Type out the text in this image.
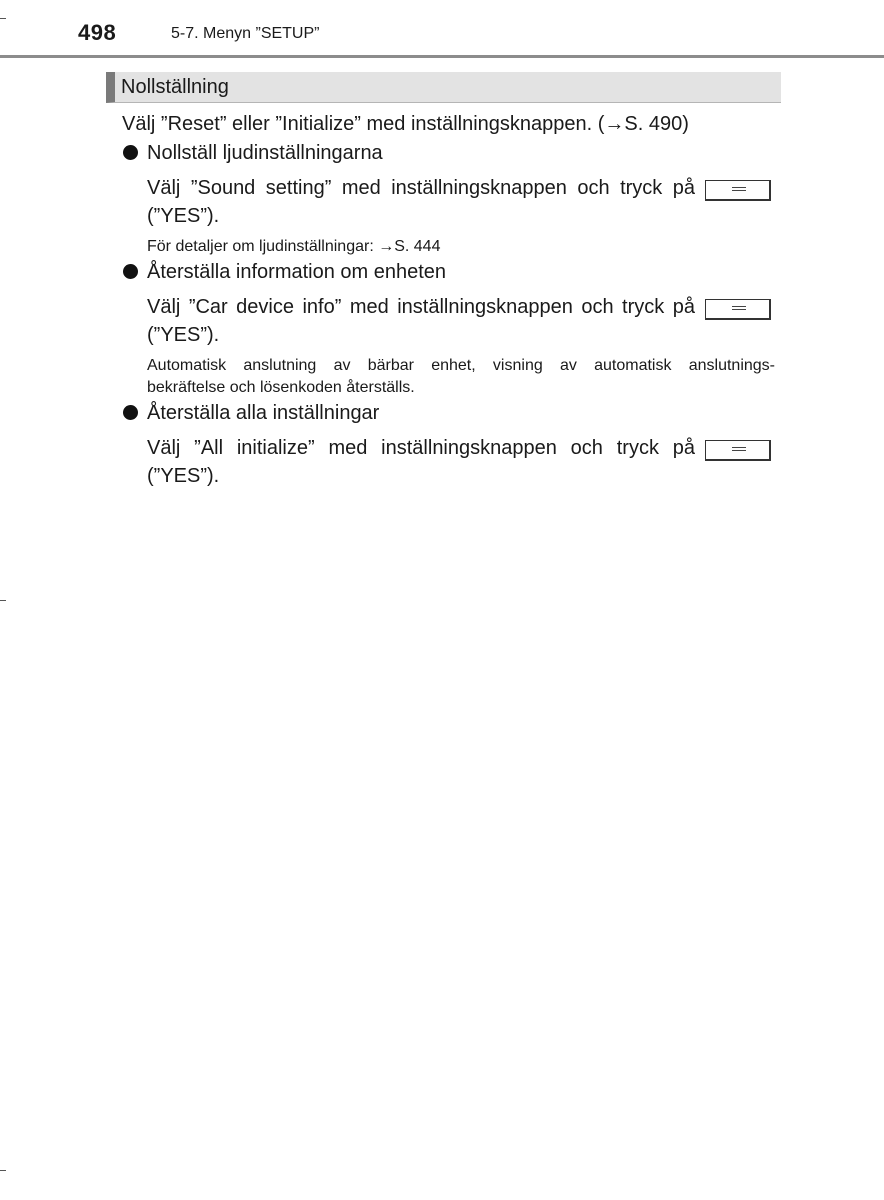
498	5-7. Menyn ”SETUP”
Nollställning
Välj ”Reset” eller ”Initialize” med inställningsknappen. (→S. 490)
Nollställ ljudinställningarna
Välj ”Sound setting” med inställningsknappen och tryck på
(”YES”).
För detaljer om ljudinställningar: →S. 444
Återställa information om enheten
Välj ”Car device info” med inställningsknappen och tryck på
(”YES”).
Automatisk anslutning av bärbar enhet, visning av automatisk anslutnings-
bekräftelse och lösenkoden återställs.
Återställa alla inställningar
Välj ”All initialize” med inställningsknappen och tryck på
(”YES”).
